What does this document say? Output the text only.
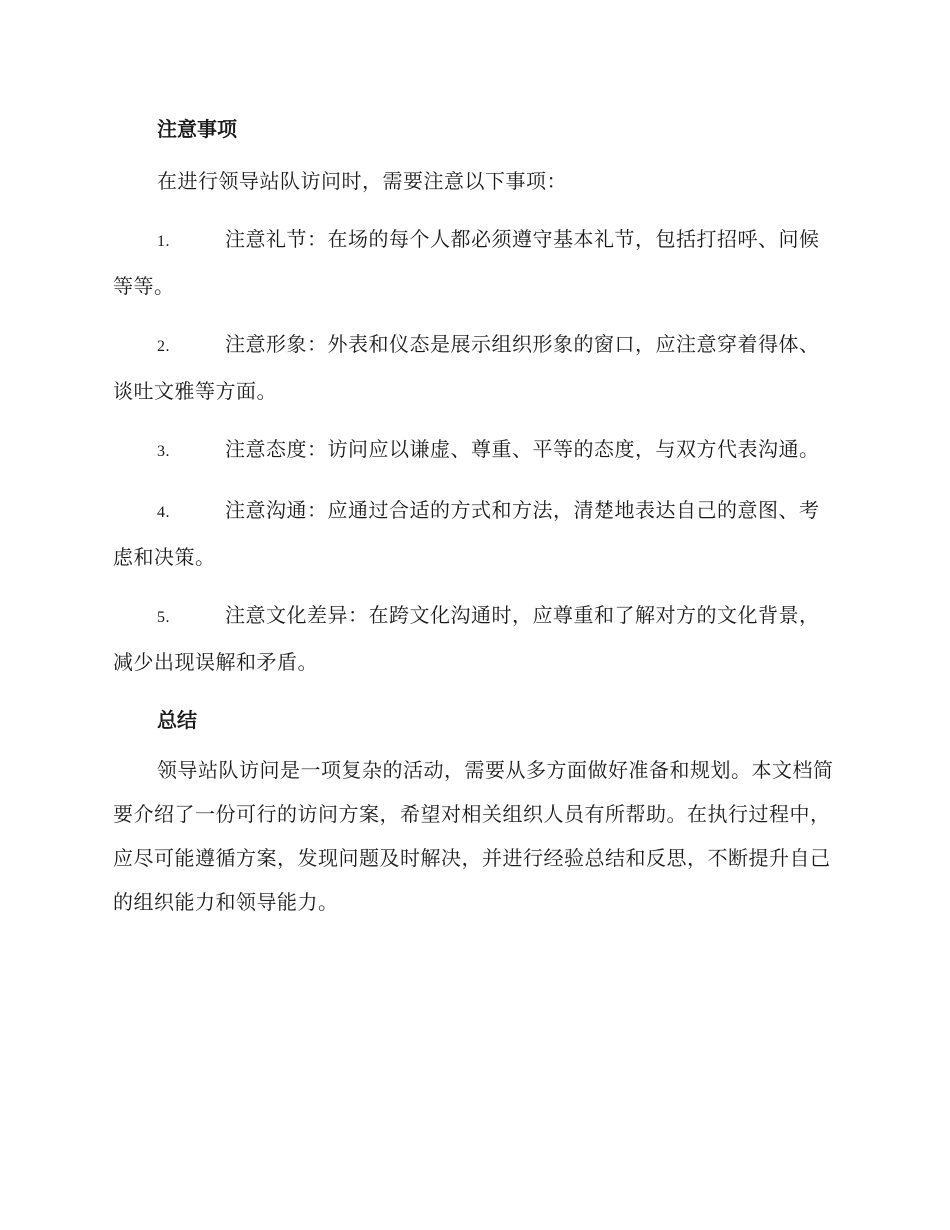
注意事项

在进行领导站队访问时，需要注意以下事项：

1.	注意礼节：在场的每个人都必须遵守基本礼节，包括打招呼、问候等等。

2.	注意形象：外表和仪态是展示组织形象的窗口，应注意穿着得体、谈吐文雅等方面。

3.	注意态度：访问应以谦虚、尊重、平等的态度，与双方代表沟通。

4.	注意沟通：应通过合适的方式和方法，清楚地表达自己的意图、考虑和决策。

5.	注意文化差异：在跨文化沟通时，应尊重和了解对方的文化背景，减少出现误解和矛盾。

总结

领导站队访问是一项复杂的活动，需要从多方面做好准备和规划。本文档简要介绍了一份可行的访问方案，希望对相关组织人员有所帮助。在执行过程中，应尽可能遵循方案，发现问题及时解决，并进行经验总结和反思，不断提升自己的组织能力和领导能力。
